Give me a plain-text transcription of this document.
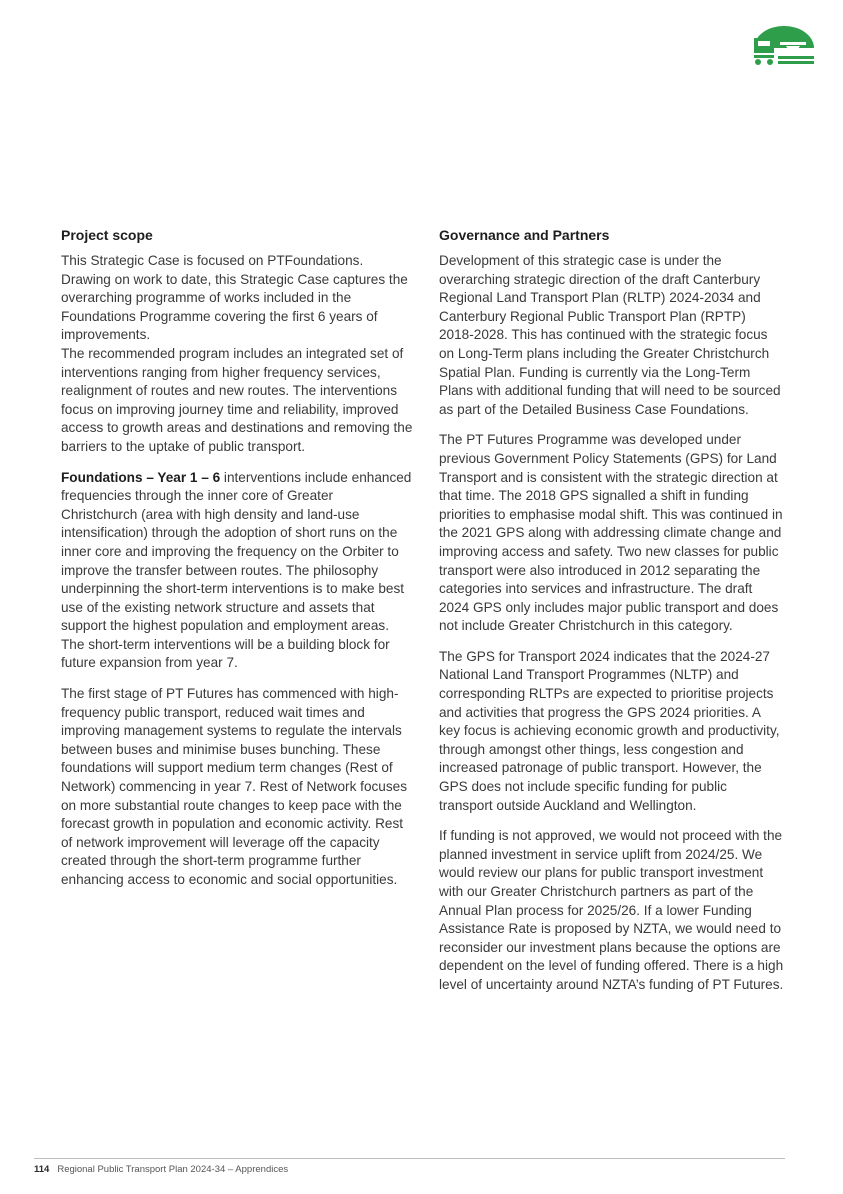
Project scope

This Strategic Case is focused on PTFoundations. Drawing on work to date, this Strategic Case captures the overarching programme of works included in the Foundations Programme covering the first 6 years of improvements.

The recommended program includes an integrated set of interventions ranging from higher frequency services, realignment of routes and new routes. The interventions focus on improving journey time and reliability, improved access to growth areas and destinations and removing the barriers to the uptake of public transport.

Foundations – Year 1 – 6 interventions include enhanced frequencies through the inner core of Greater Christchurch (area with high density and land-use intensification) through the adoption of short runs on the inner core and improving the frequency on the Orbiter to improve the transfer between routes. The philosophy underpinning the short-term interventions is to make best use of the existing network structure and assets that support the highest population and employment areas. The short-term interventions will be a building block for future expansion from year 7.

The first stage of PT Futures has commenced with high-frequency public transport, reduced wait times and improving management systems to regulate the intervals between buses and minimise buses bunching. These foundations will support medium term changes (Rest of Network) commencing in year 7. Rest of Network focuses on more substantial route changes to keep pace with the forecast growth in population and economic activity. Rest of network improvement will leverage off the capacity created through the short-term programme further enhancing access to economic and social opportunities.

Governance and Partners

Development of this strategic case is under the overarching strategic direction of the draft Canterbury Regional Land Transport Plan (RLTP) 2024-2034 and Canterbury Regional Public Transport Plan (RPTP) 2018-2028. This has continued with the strategic focus on Long-Term plans including the Greater Christchurch Spatial Plan. Funding is currently via the Long-Term Plans with additional funding that will need to be sourced as part of the Detailed Business Case Foundations.

The PT Futures Programme was developed under previous Government Policy Statements (GPS) for Land Transport and is consistent with the strategic direction at that time. The 2018 GPS signalled a shift in funding priorities to emphasise modal shift. This was continued in the 2021 GPS along with addressing climate change and improving access and safety. Two new classes for public transport were also introduced in 2012 separating the categories into services and infrastructure. The draft 2024 GPS only includes major public transport and does not include Greater Christchurch in this category.

The GPS for Transport 2024 indicates that the 2024-27 National Land Transport Programmes (NLTP) and corresponding RLTPs are expected to prioritise projects and activities that progress the GPS 2024 priorities. A key focus is achieving economic growth and productivity, through amongst other things, less congestion and increased patronage of public transport. However, the GPS does not include specific funding for public transport outside Auckland and Wellington.

If funding is not approved, we would not proceed with the planned investment in service uplift from 2024/25. We would review our plans for public transport investment with our Greater Christchurch partners as part of the Annual Plan process for 2025/26. If a lower Funding Assistance Rate is proposed by NZTA, we would need to reconsider our investment plans because the options are dependent on the level of funding offered. There is a high level of uncertainty around NZTA’s funding of PT Futures.

114 Regional Public Transport Plan 2024-34 – Apprendices
